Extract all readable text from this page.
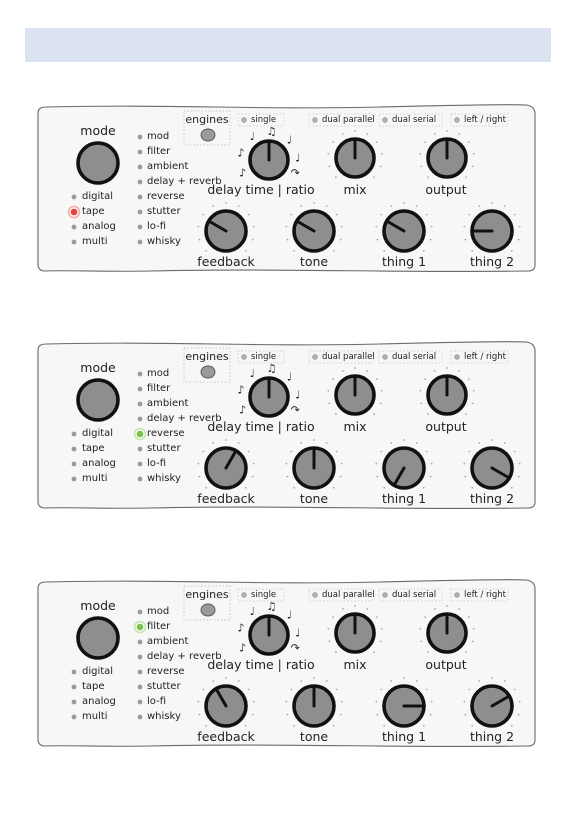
♪
♪
♩ ♫
♩
♩
↷
mode
digital
tape
analog
multi
mod
filter
ambient
delay + reverb
reverse
stutter
lo-fi
whisky
engines	single	dual parallel dual serial	left / right
delay time | ratio mix	output
feedback	tone	thing 1	thing 2
♪
♪
♩ ♫
♩
♩
↷
mode
digital
tape
analog
multi
mod
filter
ambient
delay + reverb
reverse
stutter
lo-fi
whisky
engines	single	dual parallel dual serial	left / right
delay time | ratio mix	output
feedback	tone	thing 1	thing 2
♪
♪
♩ ♫
♩
♩
↷
mode
digital
tape
analog
multi
mod
filter
ambient
delay + reverb
reverse
stutter
lo-fi
whisky
engines	single	dual parallel dual serial	left / right
delay time | ratio mix	output
feedback	tone	thing 1	thing 2
